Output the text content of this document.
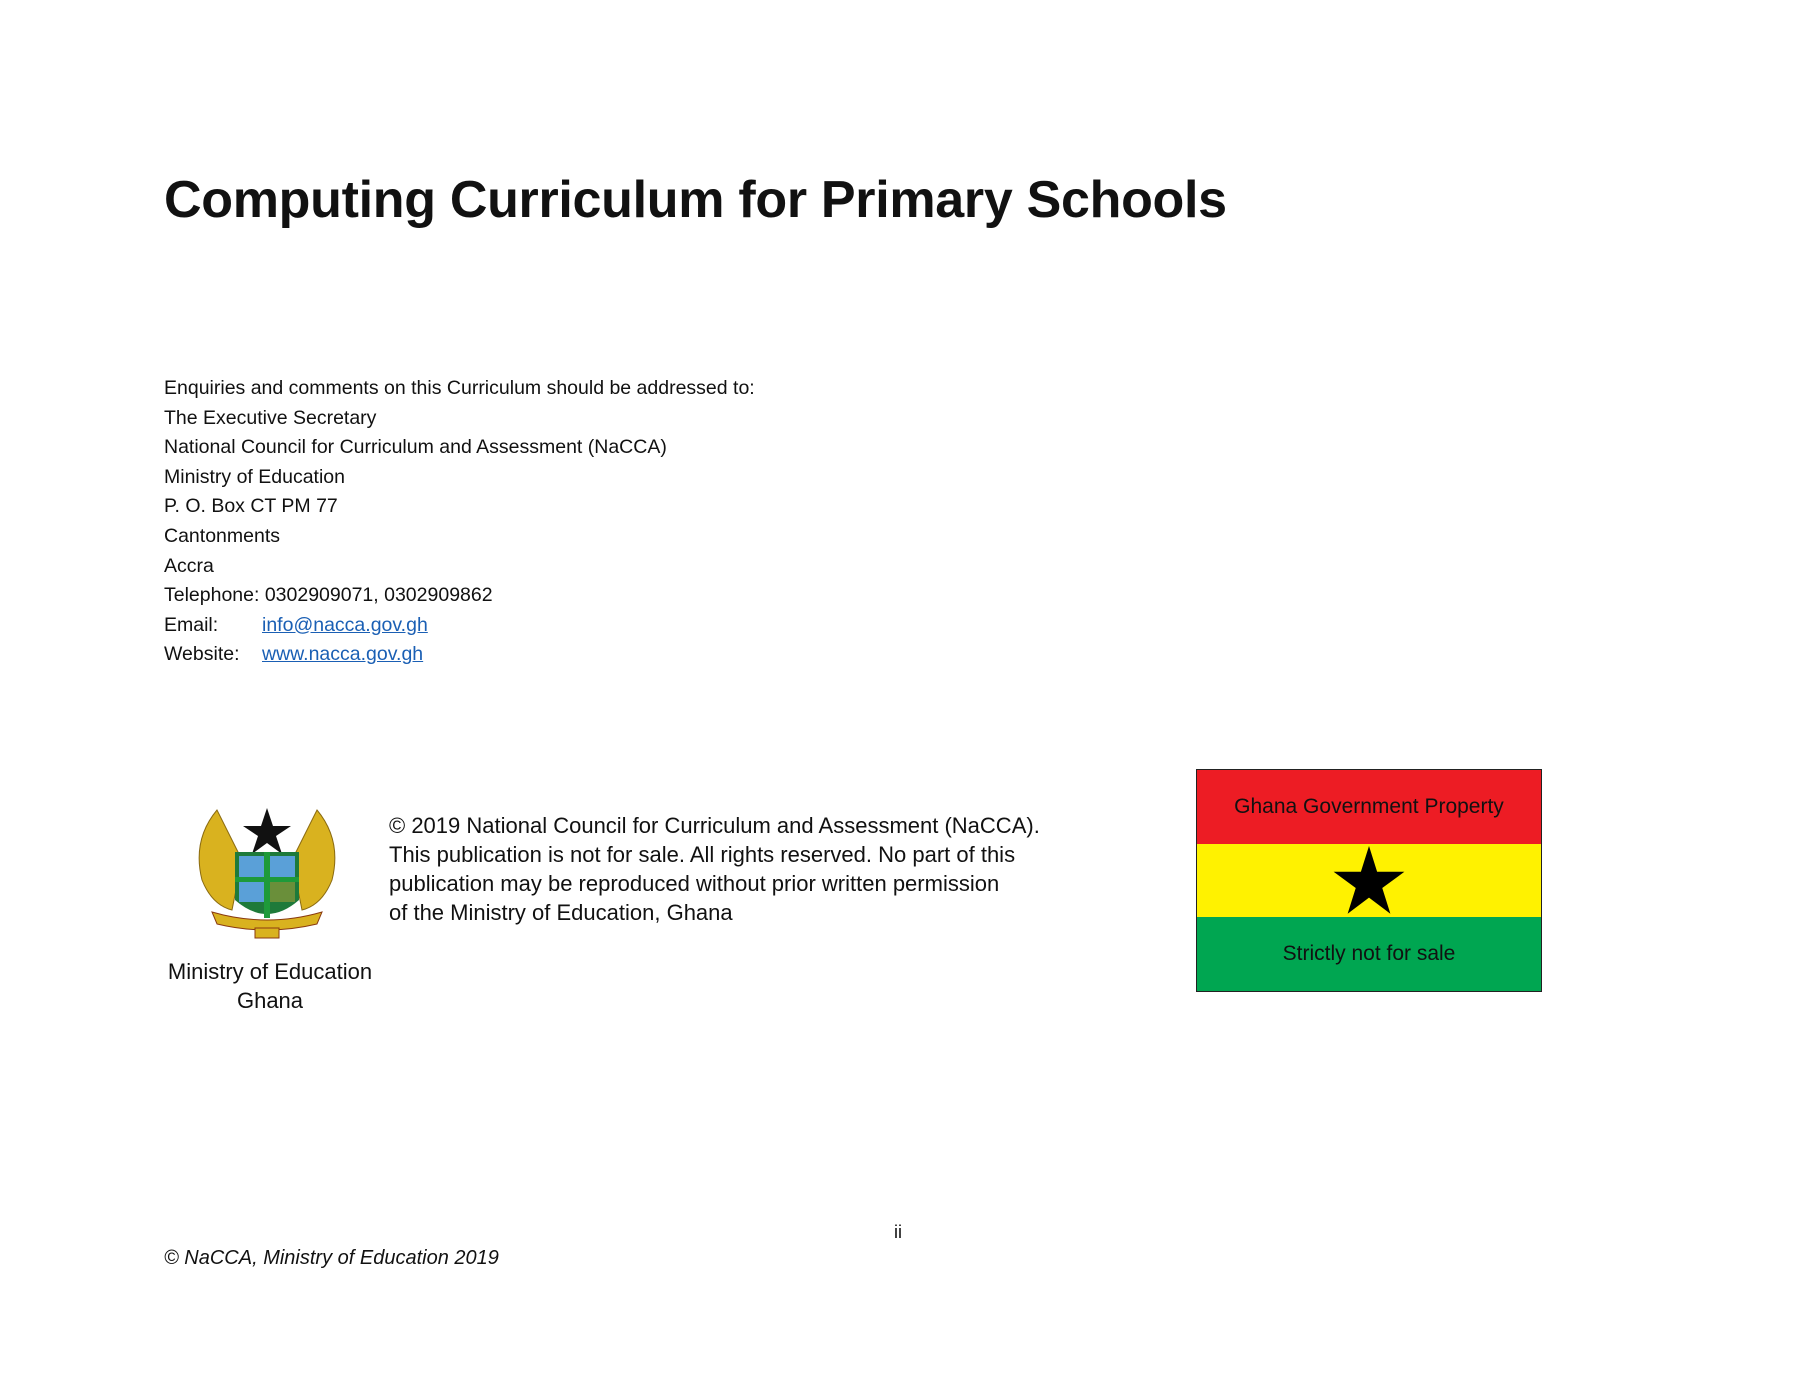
Computing Curriculum for Primary Schools
Enquiries and comments on this Curriculum should be addressed to:
The Executive Secretary
National Council for Curriculum and Assessment (NaCCA)
Ministry of Education
P. O. Box CT PM 77
Cantonments
Accra
Telephone: 0302909071, 0302909862
Email: info@nacca.gov.gh
Website: www.nacca.gov.gh
Ministry of Education
Ghana
© 2019 National Council for Curriculum and Assessment (NaCCA).
This publication is not for sale. All rights reserved. No part of this
publication may be reproduced without prior written permission
of the Ministry of Education, Ghana
Ghana Government Property
Strictly not for sale
ii
© NaCCA, Ministry of Education 2019
